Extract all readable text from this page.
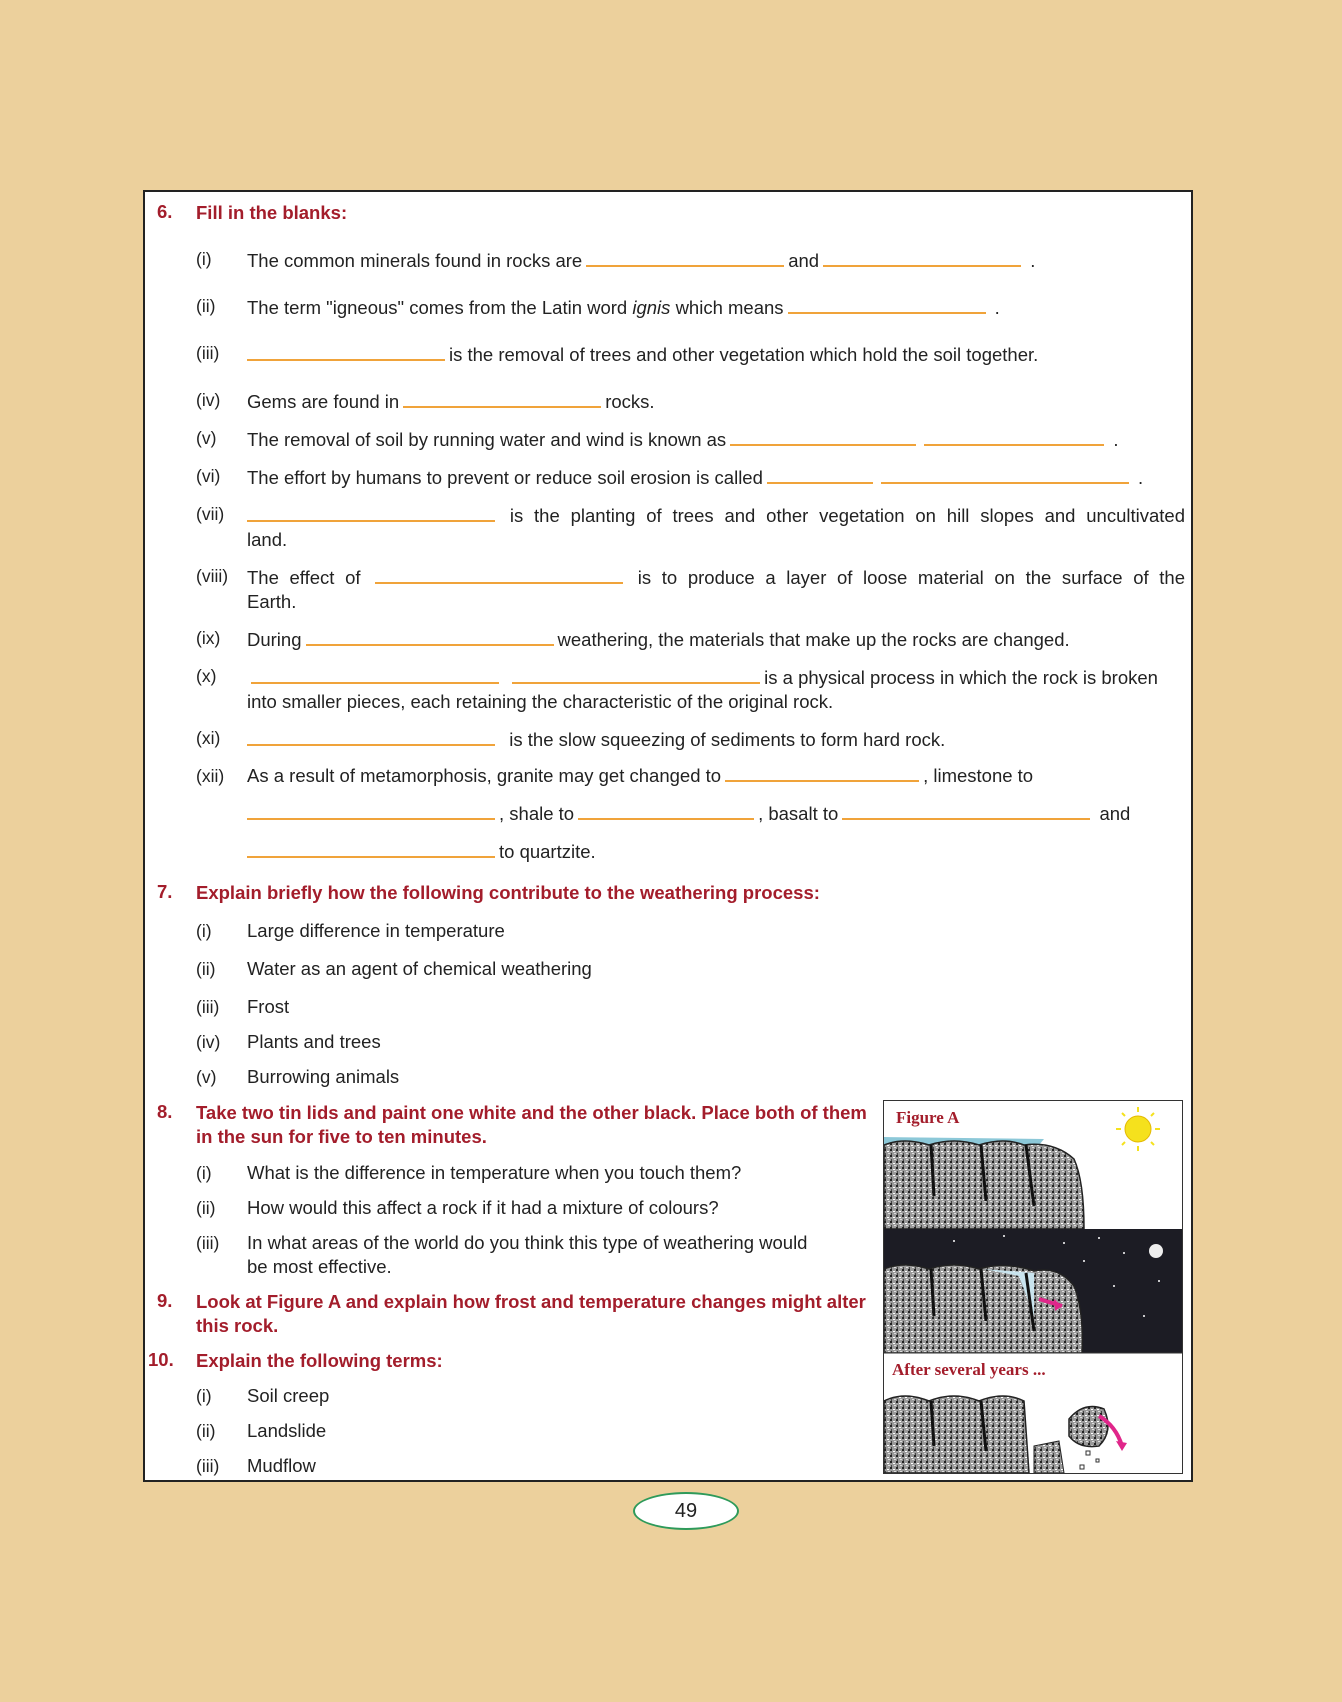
6. Fill in the blanks:
(i)	The common minerals found in rocks are	and	.
(ii)	The term "igneous" comes from the Latin word ignis which means	.
(iii)	is the removal of trees and other vegetation which hold the soil together.
(iv)	Gems are found in	rocks.
(v)	The removal of soil by running water and wind is known as	.
(vi)	The effort by humans to prevent or reduce soil erosion is called	.
(vii)	is the planting of trees and other vegetation on hill slopes and uncultivated
land.
(viii)	The effect of	is to produce a layer of loose material on the surface of the
Earth.
(ix)	During	weathering, the materials that make up the rocks are changed.
(x)	is a physical process in which the rock is broken
into smaller pieces, each retaining the characteristic of the original rock.
(xi)	is the slow squeezing of sediments to form hard rock.
(xii)	As a result of metamorphosis, granite may get changed to	, limestone to
, shale to	, basalt to	and
to quartzite.
7. Explain briefly how the following contribute to the weathering process:
(i)	Large difference in temperature
(ii)	Water as an agent of chemical weathering
(iii)	Frost
(iv)	Plants and trees
(v)	Burrowing animals
8. Take two tin lids and paint one white and the other black. Place both of them
in the sun for five to ten minutes.
(i)	What is the difference in temperature when you touch them?
(ii)	How would this affect a rock if it had a mixture of colours?
(iii)	In what areas of the world do you think this type of weathering would
be most effective.
9. Look at Figure A and explain how frost and temperature changes might alter
this rock.
10. Explain the following terms:
(i)	Soil creep
(ii)	Landslide
(iii)	Mudflow
After several years ...
Figure A
49
